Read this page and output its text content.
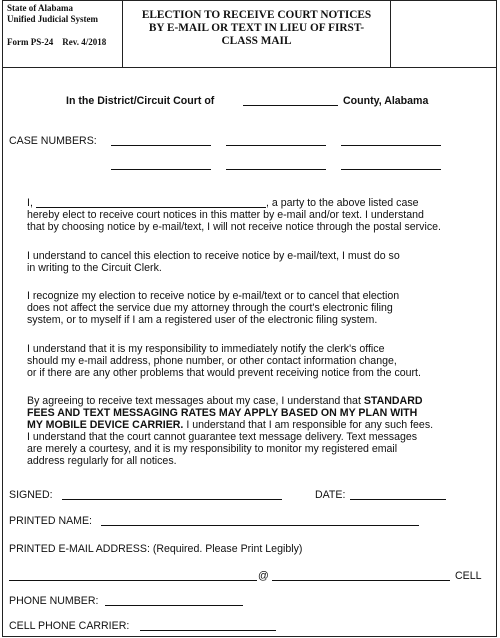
State of Alabama
Unified Judicial System
Form PS-24 Rev. 4/2018
ELECTION TO RECEIVE COURT NOTICES
BY E-MAIL OR TEXT IN LIEU OF FIRST-
CLASS MAIL
In the District/Circuit Court of	County, Alabama
CASE NUMBERS:
I,	, a party to the above listed case
hereby elect to receive court notices in this matter by e-mail and/or text. I understand
that by choosing notice by e-mail/text, I will not receive notice through the postal service.
I understand to cancel this election to receive notice by e-mail/text, I must do so
in writing to the Circuit Clerk.
I recognize my election to receive notice by e-mail/text or to cancel that election
does not affect the service due my attorney through the court's electronic filing
system, or to myself if I am a registered user of the electronic filing system.
I understand that it is my responsibility to immediately notify the clerk's office
should my e-mail address, phone number, or other contact information change,
or if there are any other problems that would prevent receiving notice from the court.
By agreeing to receive text messages about my case, I understand that STANDARD
FEES AND TEXT MESSAGING RATES MAY APPLY BASED ON MY PLAN WITH
MY MOBILE DEVICE CARRIER. I understand that I am responsible for any such fees.
I understand that the court cannot guarantee text message delivery. Text messages
are merely a courtesy, and it is my responsibility to monitor my registered email
address regularly for all notices.
SIGNED:	DATE:
PRINTED NAME:
PRINTED E-MAIL ADDRESS: (Required. Please Print Legibly)
@	CELL
PHONE NUMBER:
CELL PHONE CARRIER:
